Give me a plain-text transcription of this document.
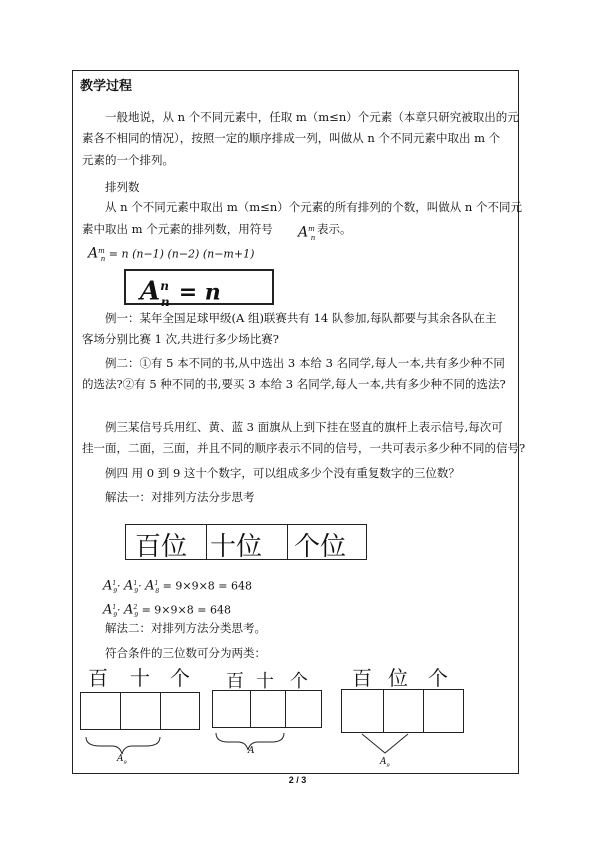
教学过程
一般地说，从 n 个不同元素中，任取 m（m≤n）个元素（本章只研究被取出的元
素各不相同的情况），按照一定的顺序排成一列，叫做从 n 个不同元素中取出 m 个
元素的一个排列。
排列数
从 n 个不同元素中取出 m（m≤n）个元素的所有排列的个数，叫做从 n 个不同元
素中取出 m 个元素的排列数，用符号 $A^m_n$
表示。
$A^m_n = n$ (n−1) (n−2) (n−m+1)
$A^n_n = n$
例一：某年全国足球甲级(A 组)联赛共有 14 队参加,每队都要与其余各队在主
客场分别比赛 1 次,共进行多少场比赛?
例二：①有 5 本不同的书,从中选出 3 本给 3 名同学,每人一本,共有多少种不同
的选法?②有 5 种不同的书,要买 3 本给 3 名同学,每人一本,共有多少种不同的选法?
例三某信号兵用红、黄、蓝 3 面旗从上到下挂在竖直的旗杆上表示信号,每次可
挂一面，二面，三面，并且不同的顺序表示不同的信号，一共可表示多少种不同的信号?
例四 用 0 到 9 这十个数字，可以组成多少个没有重复数字的三位数？
解法一：对排列方法分步思考
百位 十位 个位
$A^1_9\cdot A^1_9\cdot A^1_8 = 9\times 9\times 8 = 648$
$A^1_9\cdot A^2_9 = 9\times 9\times 8 = 648$
解法二：对排列方法分类思考。
符合条件的三位数可分为两类：
百 十 个 百 十 个 百 位 个
$A_9$
A
$A_9$
2 / 3
